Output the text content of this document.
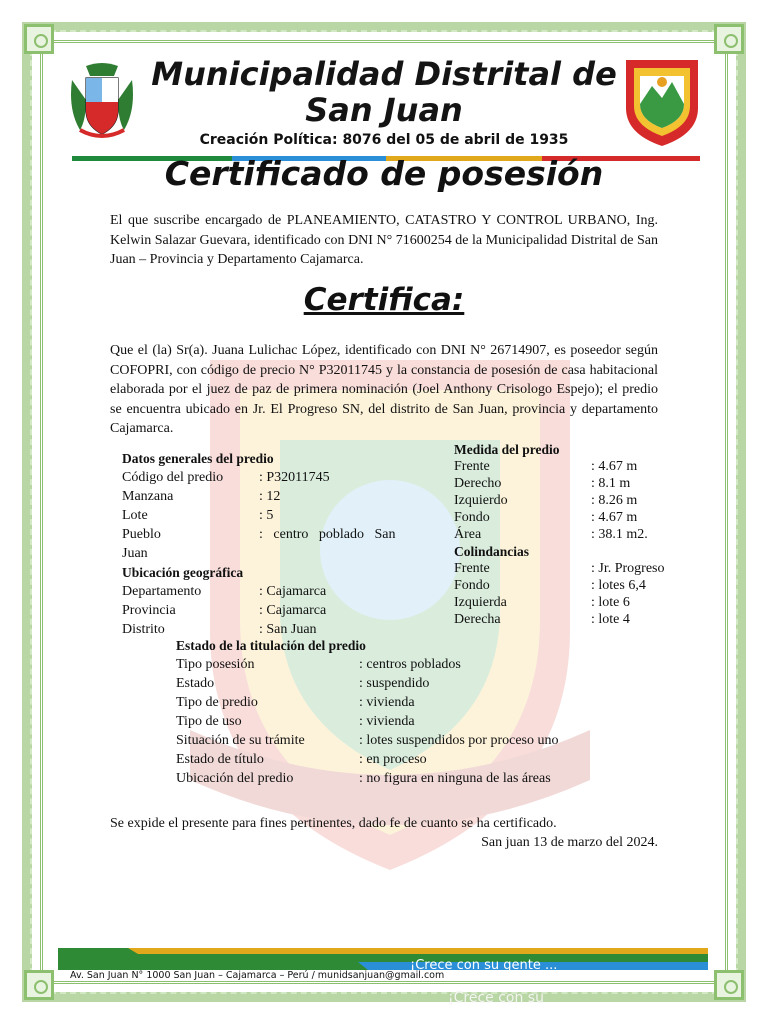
Municipalidad Distrital de San Juan
Creación Política: 8076 del 05 de abril de 1935
Certificado de posesión

El que suscribe encargado de PLANEAMIENTO, CATASTRO Y CONTROL URBANO, Ing. Kelwin Salazar Guevara, identificado con DNI N° 71600254 de la Municipalidad Distrital de San Juan – Provincia y Departamento Cajamarca.

Certifica:

Que el (la) Sr(a). Juana Lulichac López, identificado con DNI N° 26714907, es poseedor según COFOPRI, con código de precio N° P32011745 y la constancia de posesión de casa habitacional elaborada por el juez de paz de primera nominación (Joel Anthony Crisologo Espejo); el predio se encuentra ubicado en Jr. El Progreso SN, del distrito de San Juan, provincia y departamento Cajamarca.

Datos generales del predio
Código del predio	: P32011745
Manzana	: 12
Lote	: 5
Pueblo	:   centro   poblado   San
Juan
Ubicación geográfica
Departamento	: Cajamarca
Provincia	: Cajamarca
Distrito	: San Juan
Medida del predio
Frente	: 4.67 m
Derecho	: 8.1 m
Izquierdo	: 8.26 m
Fondo	: 4.67 m
Área	: 38.1 m2.
Colindancias
Frente	: Jr. Progreso
Fondo	: lotes 6,4
Izquierda	: lote 6
Derecha	: lote 4
Estado de la titulación del predio
Tipo posesión	: centros poblados
Estado	: suspendido
Tipo de predio	: vivienda
Tipo de uso	: vivienda
Situación de su trámite	: lotes suspendidos por proceso uno
Estado de título	: en proceso
Ubicación del predio	: no figura en ninguna de las áreas
Se expide el presente para fines pertinentes, dado fe de cuanto se ha certificado.
San juan 13 de marzo del 2024.
¡Crece con su gente ...
Av. San Juan N° 1000 San Juan – Cajamarca – Perú / munidsanjuan@gmail.com
¡Crece con su
